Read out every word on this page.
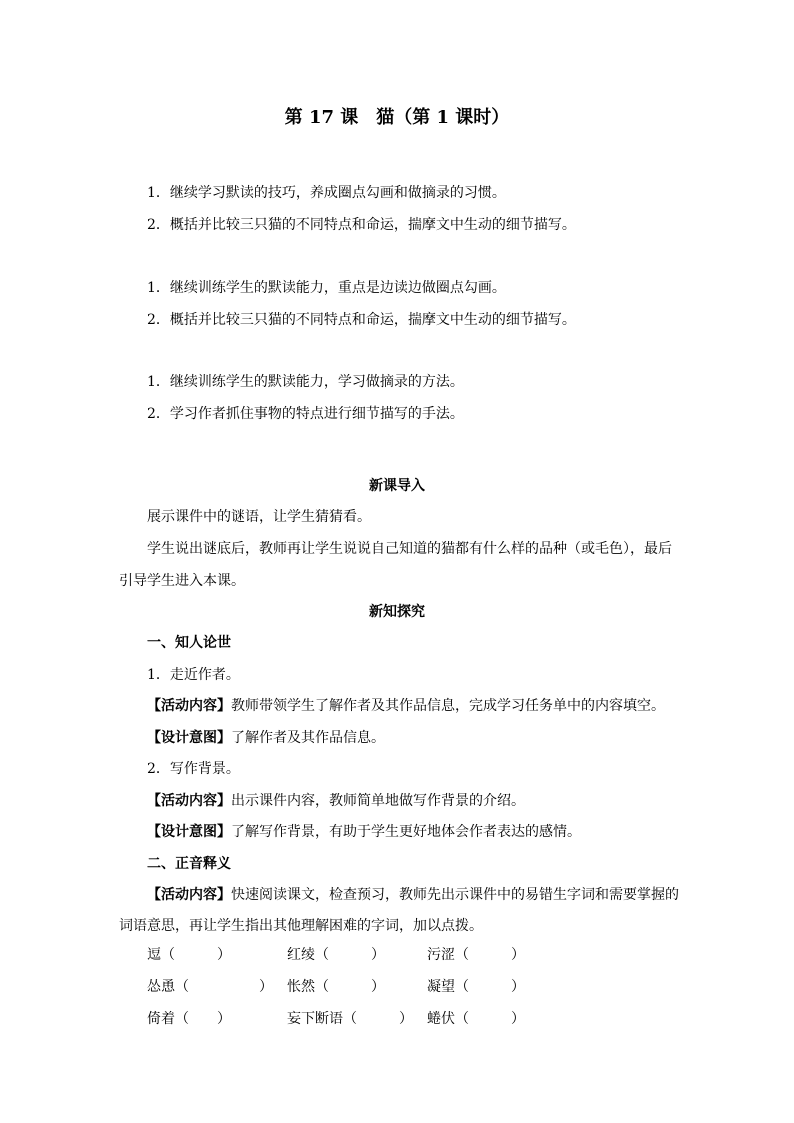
第 17 课　猫（第 1 课时）
1．继续学习默读的技巧，养成圈点勾画和做摘录的习惯。
2．概括并比较三只猫的不同特点和命运，揣摩文中生动的细节描写。
1．继续训练学生的默读能力，重点是边读边做圈点勾画。
2．概括并比较三只猫的不同特点和命运，揣摩文中生动的细节描写。
1．继续训练学生的默读能力，学习做摘录的方法。
2．学习作者抓住事物的特点进行细节描写的手法。
新课导入
展示课件中的谜语，让学生猜猜看。
学生说出谜底后，教师再让学生说说自己知道的猫都有什么样的品种（或毛色），最后
引导学生进入本课。
新知探究
一、知人论世
1．走近作者。
【活动内容】教师带领学生了解作者及其作品信息，完成学习任务单中的内容填空。
【设计意图】了解作者及其作品信息。
2．写作背景。
【活动内容】出示课件内容，教师简单地做写作背景的介绍。
【设计意图】了解写作背景，有助于学生更好地体会作者表达的感情。
二、正音释义
【活动内容】快速阅读课文，检查预习，教师先出示课件中的易错生字词和需要掌握的
词语意思，再让学生指出其他理解困难的字词，加以点拨。
逗（　　　）	红绫（　　　）	污涩（　　　）
怂恿（　　　　　） 怅然（　　　）	凝望（　　　）
倚着（　　）	妄下断语（　　　） 蜷伏（　　　）
